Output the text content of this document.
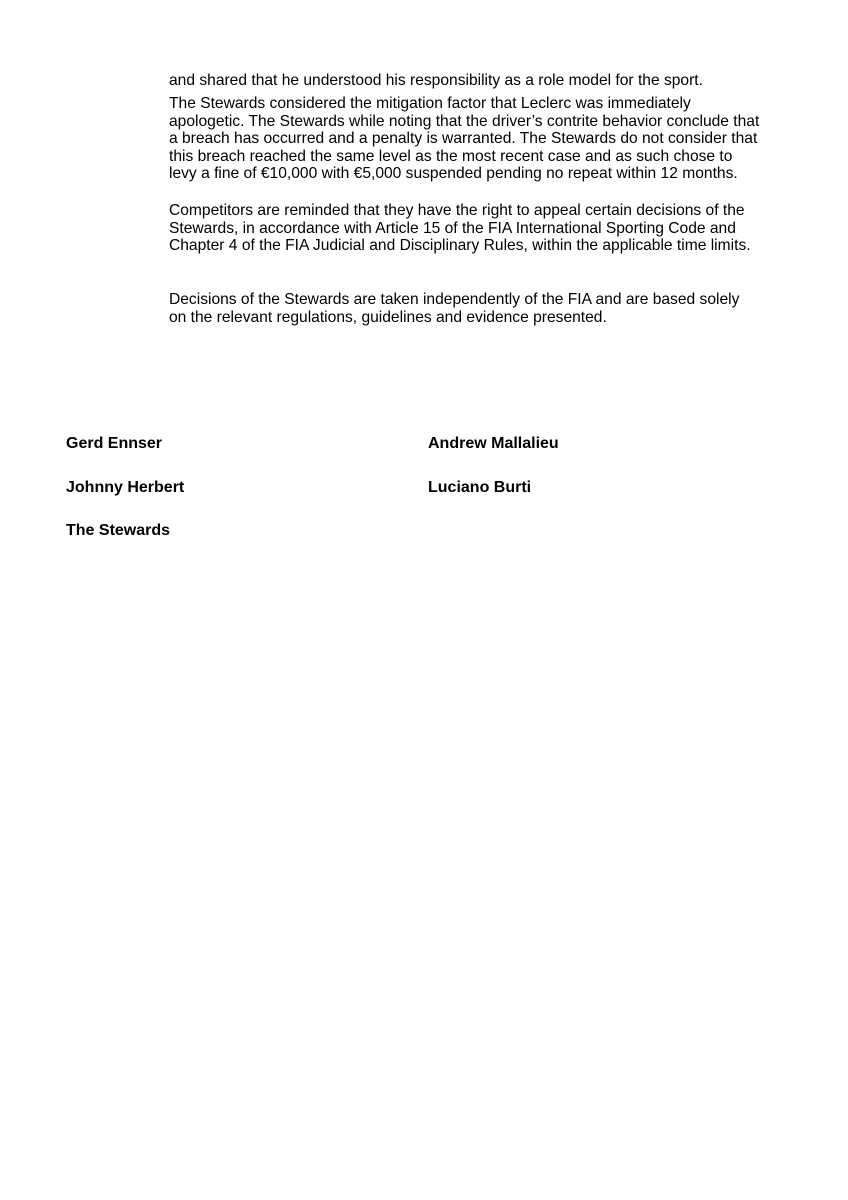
and shared that he understood his responsibility as a role model for the sport.

The Stewards considered the mitigation factor that Leclerc was immediately
apologetic. The Stewards while noting that the driver’s contrite behavior conclude that
a breach has occurred and a penalty is warranted. The Stewards do not consider that
this breach reached the same level as the most recent case and as such chose to
levy a fine of €10,000 with €5,000 suspended pending no repeat within 12 months.

Competitors are reminded that they have the right to appeal certain decisions of the
Stewards, in accordance with Article 15 of the FIA International Sporting Code and
Chapter 4 of the FIA Judicial and Disciplinary Rules, within the applicable time limits.

Decisions of the Stewards are taken independently of the FIA and are based solely
on the relevant regulations, guidelines and evidence presented.

Gerd Ennser	Andrew Mallalieu
Johnny Herbert	Luciano Burti
The Stewards
